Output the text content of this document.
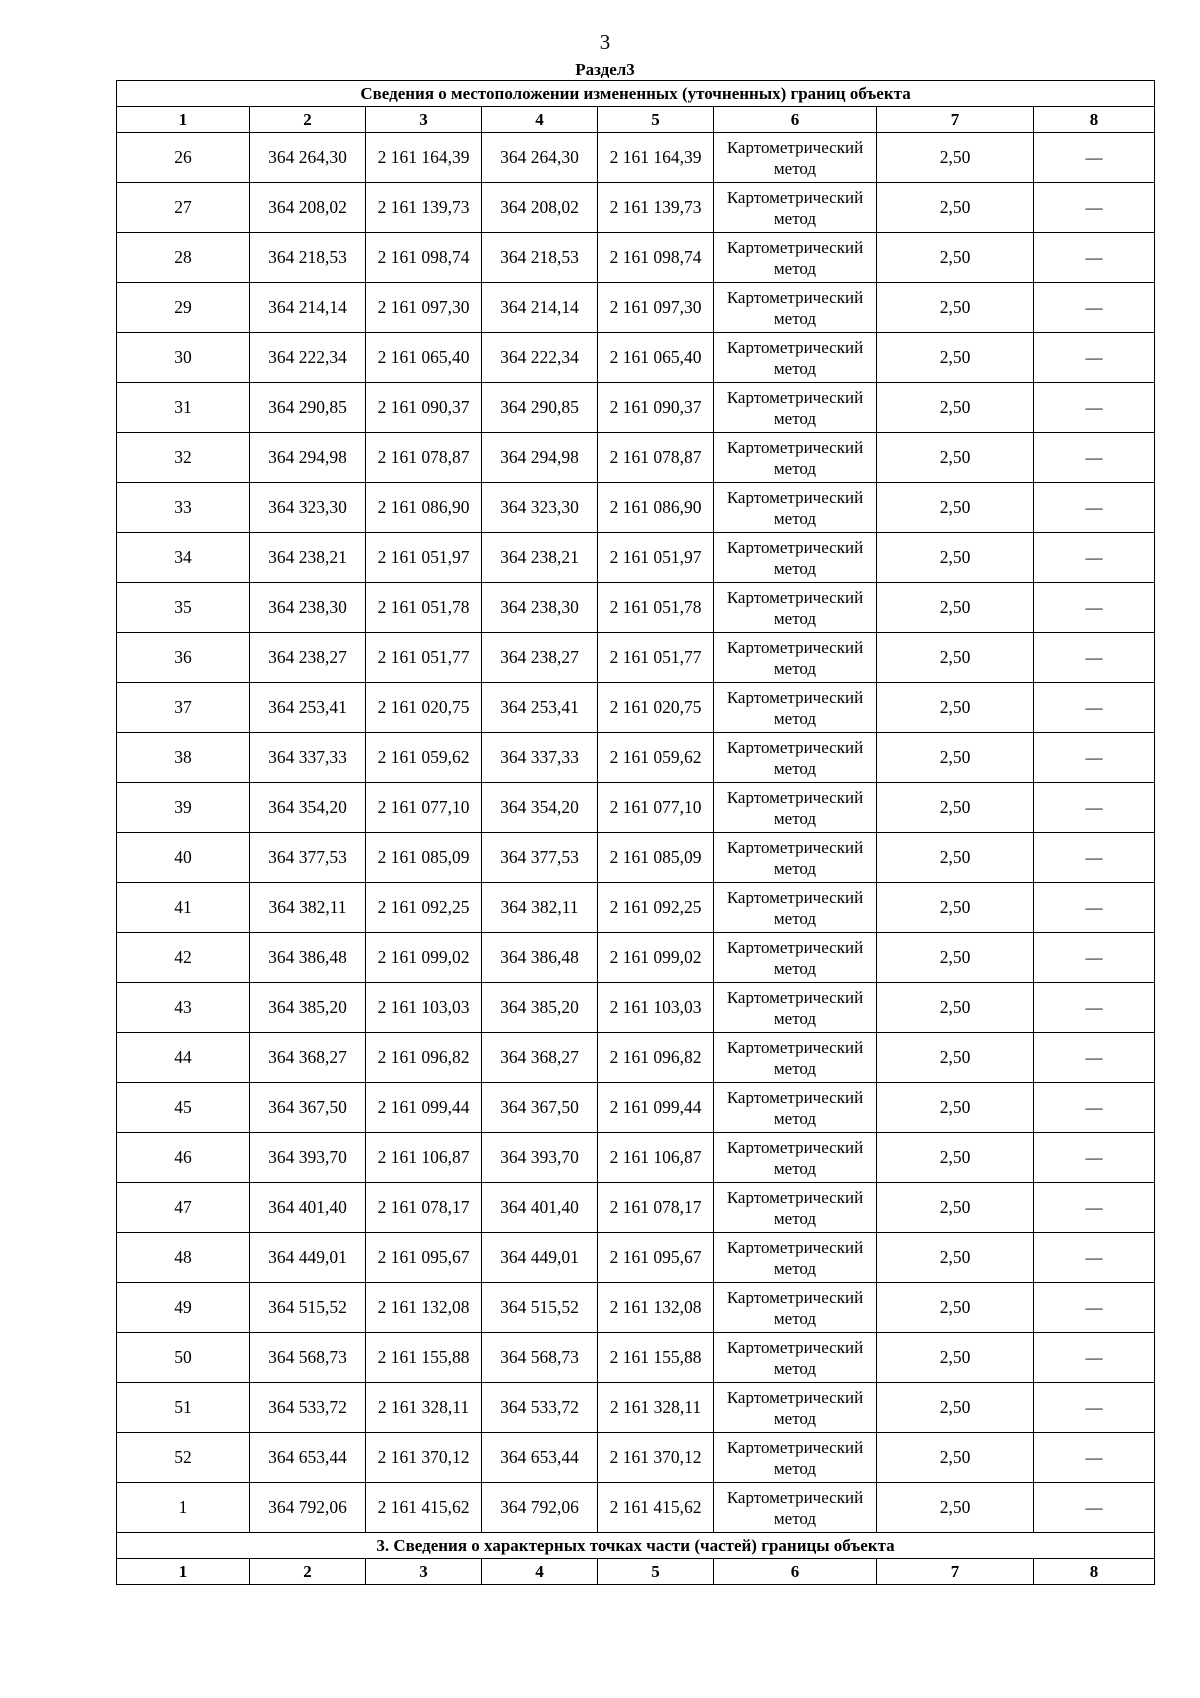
3
Раздел3
Сведения о местоположении измененных (уточненных) границ объекта							
1	2	3	4	5	6	7	8
26	364 264,30	2 161 164,39	364 264,30	2 161 164,39	Картометрический метод	2,50	—
27	364 208,02	2 161 139,73	364 208,02	2 161 139,73	Картометрический метод	2,50	—
28	364 218,53	2 161 098,74	364 218,53	2 161 098,74	Картометрический метод	2,50	—
29	364 214,14	2 161 097,30	364 214,14	2 161 097,30	Картометрический метод	2,50	—
30	364 222,34	2 161 065,40	364 222,34	2 161 065,40	Картометрический метод	2,50	—
31	364 290,85	2 161 090,37	364 290,85	2 161 090,37	Картометрический метод	2,50	—
32	364 294,98	2 161 078,87	364 294,98	2 161 078,87	Картометрический метод	2,50	—
33	364 323,30	2 161 086,90	364 323,30	2 161 086,90	Картометрический метод	2,50	—
34	364 238,21	2 161 051,97	364 238,21	2 161 051,97	Картометрический метод	2,50	—
35	364 238,30	2 161 051,78	364 238,30	2 161 051,78	Картометрический метод	2,50	—
36	364 238,27	2 161 051,77	364 238,27	2 161 051,77	Картометрический метод	2,50	—
37	364 253,41	2 161 020,75	364 253,41	2 161 020,75	Картометрический метод	2,50	—
38	364 337,33	2 161 059,62	364 337,33	2 161 059,62	Картометрический метод	2,50	—
39	364 354,20	2 161 077,10	364 354,20	2 161 077,10	Картометрический метод	2,50	—
40	364 377,53	2 161 085,09	364 377,53	2 161 085,09	Картометрический метод	2,50	—
41	364 382,11	2 161 092,25	364 382,11	2 161 092,25	Картометрический метод	2,50	—
42	364 386,48	2 161 099,02	364 386,48	2 161 099,02	Картометрический метод	2,50	—
43	364 385,20	2 161 103,03	364 385,20	2 161 103,03	Картометрический метод	2,50	—
44	364 368,27	2 161 096,82	364 368,27	2 161 096,82	Картометрический метод	2,50	—
45	364 367,50	2 161 099,44	364 367,50	2 161 099,44	Картометрический метод	2,50	—
46	364 393,70	2 161 106,87	364 393,70	2 161 106,87	Картометрический метод	2,50	—
47	364 401,40	2 161 078,17	364 401,40	2 161 078,17	Картометрический метод	2,50	—
48	364 449,01	2 161 095,67	364 449,01	2 161 095,67	Картометрический метод	2,50	—
49	364 515,52	2 161 132,08	364 515,52	2 161 132,08	Картометрический метод	2,50	—
50	364 568,73	2 161 155,88	364 568,73	2 161 155,88	Картометрический метод	2,50	—
51	364 533,72	2 161 328,11	364 533,72	2 161 328,11	Картометрический метод	2,50	—
52	364 653,44	2 161 370,12	364 653,44	2 161 370,12	Картометрический метод	2,50	—
1	364 792,06	2 161 415,62	364 792,06	2 161 415,62	Картометрический метод	2,50	—
3. Сведения о характерных точках части (частей) границы объекта							
1	2	3	4	5	6	7	8
